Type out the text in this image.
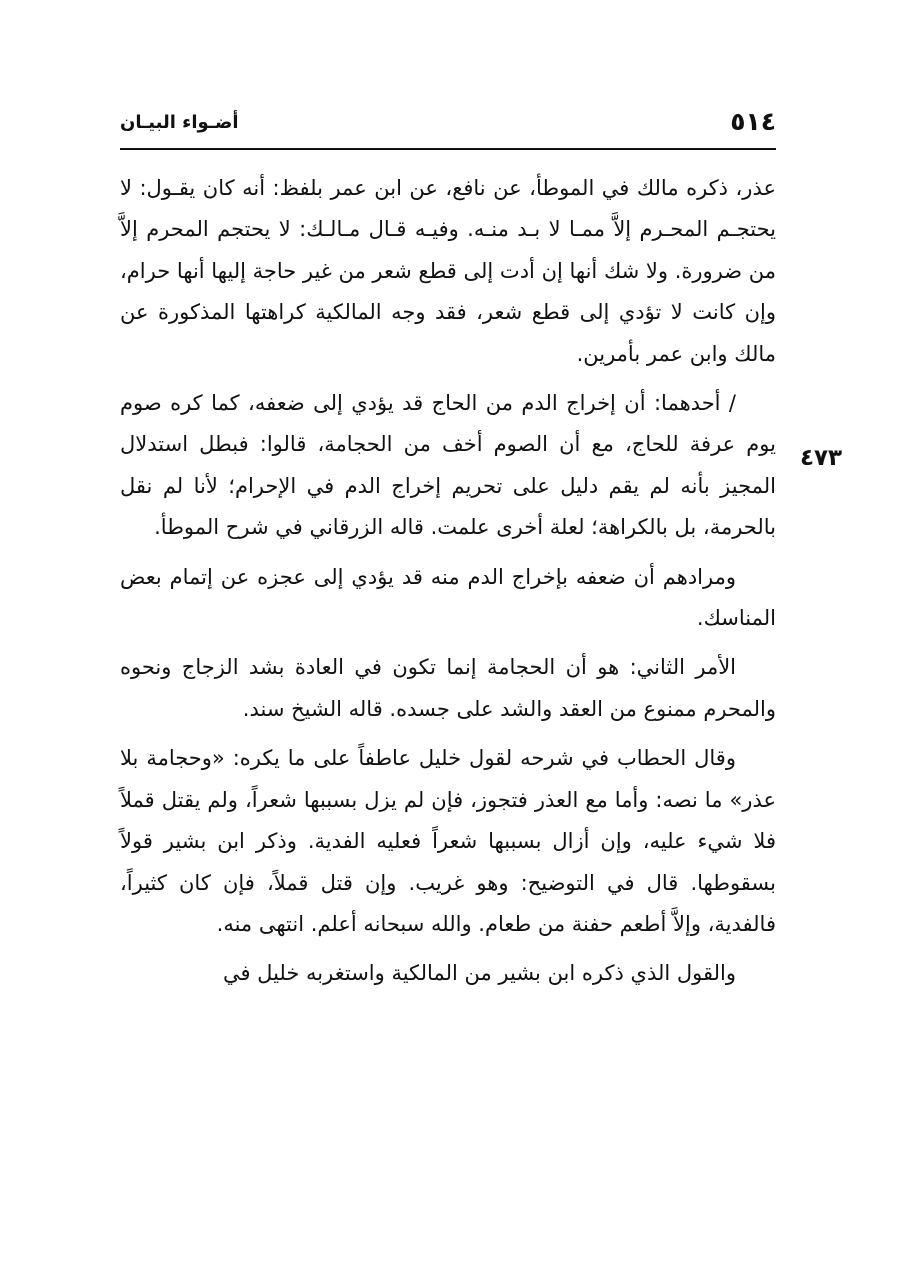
٥١٤
أضـواء البيـان
٤٧٣

عذر، ذكره مالك في الموطأ، عن نافع، عن ابن عمر بلفظ: أنه كان يقـول: لا يحتجـم المحـرم إلاَّ ممـا لا بـد منـه. وفيـه قـال مـالـك: لا يحتجم المحرم إلاَّ من ضرورة. ولا شك أنها إن أدت إلى قطع شعر من غير حاجة إليها أنها حرام، وإن كانت لا تؤدي إلى قطع شعر، فقد وجه المالكية كراهتها المذكورة عن مالك وابن عمر بأمرين.

/ أحدهما: أن إخراج الدم من الحاج قد يؤدي إلى ضعفه، كما كره صوم يوم عرفة للحاج، مع أن الصوم أخف من الحجامة، قالوا: فبطل استدلال المجيز بأنه لم يقم دليل على تحريم إخراج الدم في الإحرام؛ لأنا لم نقل بالحرمة، بل بالكراهة؛ لعلة أخرى علمت. قاله الزرقاني في شرح الموطأ.

ومرادهم أن ضعفه بإخراج الدم منه قد يؤدي إلى عجزه عن إتمام بعض المناسك.

الأمر الثاني: هو أن الحجامة إنما تكون في العادة بشد الزجاج ونحوه والمحرم ممنوع من العقد والشد على جسده. قاله الشيخ سند.

وقال الحطاب في شرحه لقول خليل عاطفاً على ما يكره: «وحجامة بلا عذر» ما نصه: وأما مع العذر فتجوز، فإن لم يزل بسببها شعراً، ولم يقتل قملاً فلا شيء عليه، وإن أزال بسببها شعراً فعليه الفدية. وذكر ابن بشير قولاً بسقوطها. قال في التوضيح: وهو غريب. وإن قتل قملاً، فإن كان كثيراً، فالفدية، وإلاَّ أطعم حفنة من طعام. والله سبحانه أعلم. انتهى منه.

والقول الذي ذكره ابن بشير من المالكية واستغربه خليل في
